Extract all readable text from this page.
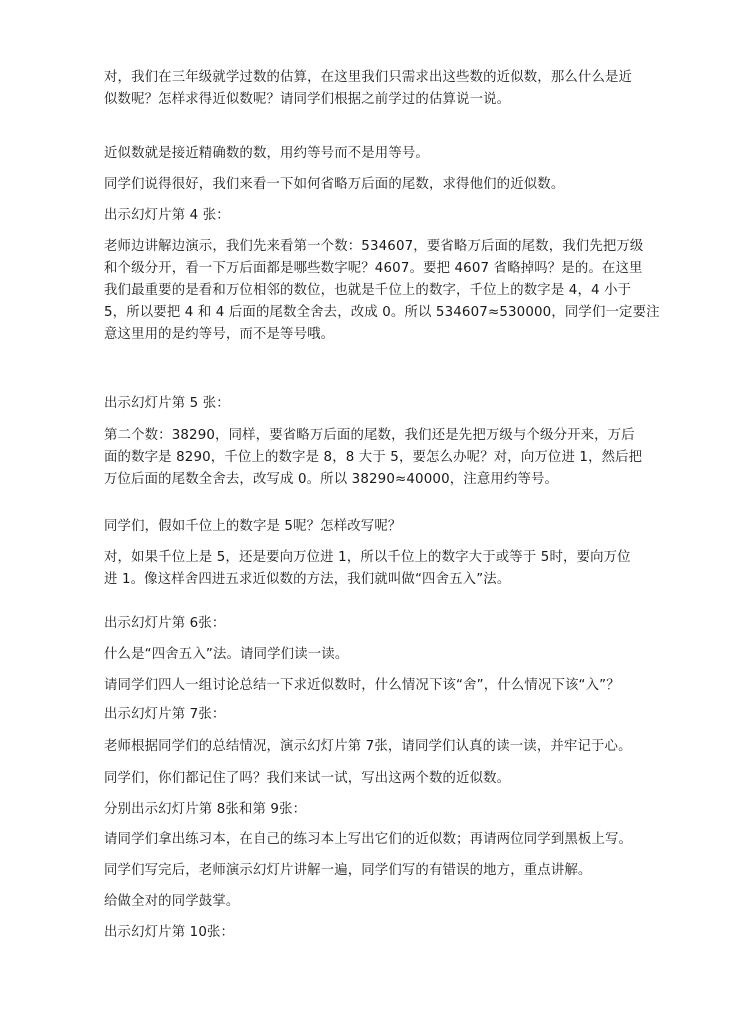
对，我们在三年级就学过数的估算，在这里我们只需求出这些数的近似数，那么什么是近
似数呢？怎样求得近似数呢？请同学们根据之前学过的估算说一说。

近似数就是接近精确数的数，用约等号而不是用等号。

同学们说得很好，我们来看一下如何省略万后面的尾数，求得他们的近似数。

出示幻灯片第 4 张：

老师边讲解边演示，我们先来看第一个数：534607，要省略万后面的尾数，我们先把万级
和个级分开，看一下万后面都是哪些数字呢？4607。要把 4607 省略掉吗？是的。在这里
我们最重要的是看和万位相邻的数位，也就是千位上的数字，千位上的数字是 4，4 小于
5，所以要把 4 和 4 后面的尾数全舍去，改成 0。所以 534607≈530000，同学们一定要注
意这里用的是约等号，而不是等号哦。

出示幻灯片第 5 张：

第二个数：38290，同样，要省略万后面的尾数，我们还是先把万级与个级分开来，万后
面的数字是 8290，千位上的数字是 8，8 大于 5，要怎么办呢？对，向万位进 1，然后把
万位后面的尾数全舍去，改写成 0。所以 38290≈40000，注意用约等号。

同学们，假如千位上的数字是 5呢？怎样改写呢？

对，如果千位上是 5，还是要向万位进 1，所以千位上的数字大于或等于 5时，要向万位
进 1。像这样舍四进五求近似数的方法，我们就叫做“四舍五入”法。

出示幻灯片第 6张：

什么是“四舍五入”法。请同学们读一读。

请同学们四人一组讨论总结一下求近似数时，什么情况下该“舍”，什么情况下该“入”？

出示幻灯片第 7张：

老师根据同学们的总结情况，演示幻灯片第 7张，请同学们认真的读一读，并牢记于心。

同学们，你们都记住了吗？我们来试一试，写出这两个数的近似数。

分别出示幻灯片第 8张和第 9张：

请同学们拿出练习本，在自己的练习本上写出它们的近似数；再请两位同学到黑板上写。

同学们写完后，老师演示幻灯片讲解一遍，同学们写的有错误的地方，重点讲解。

给做全对的同学鼓掌。

出示幻灯片第 10张：
